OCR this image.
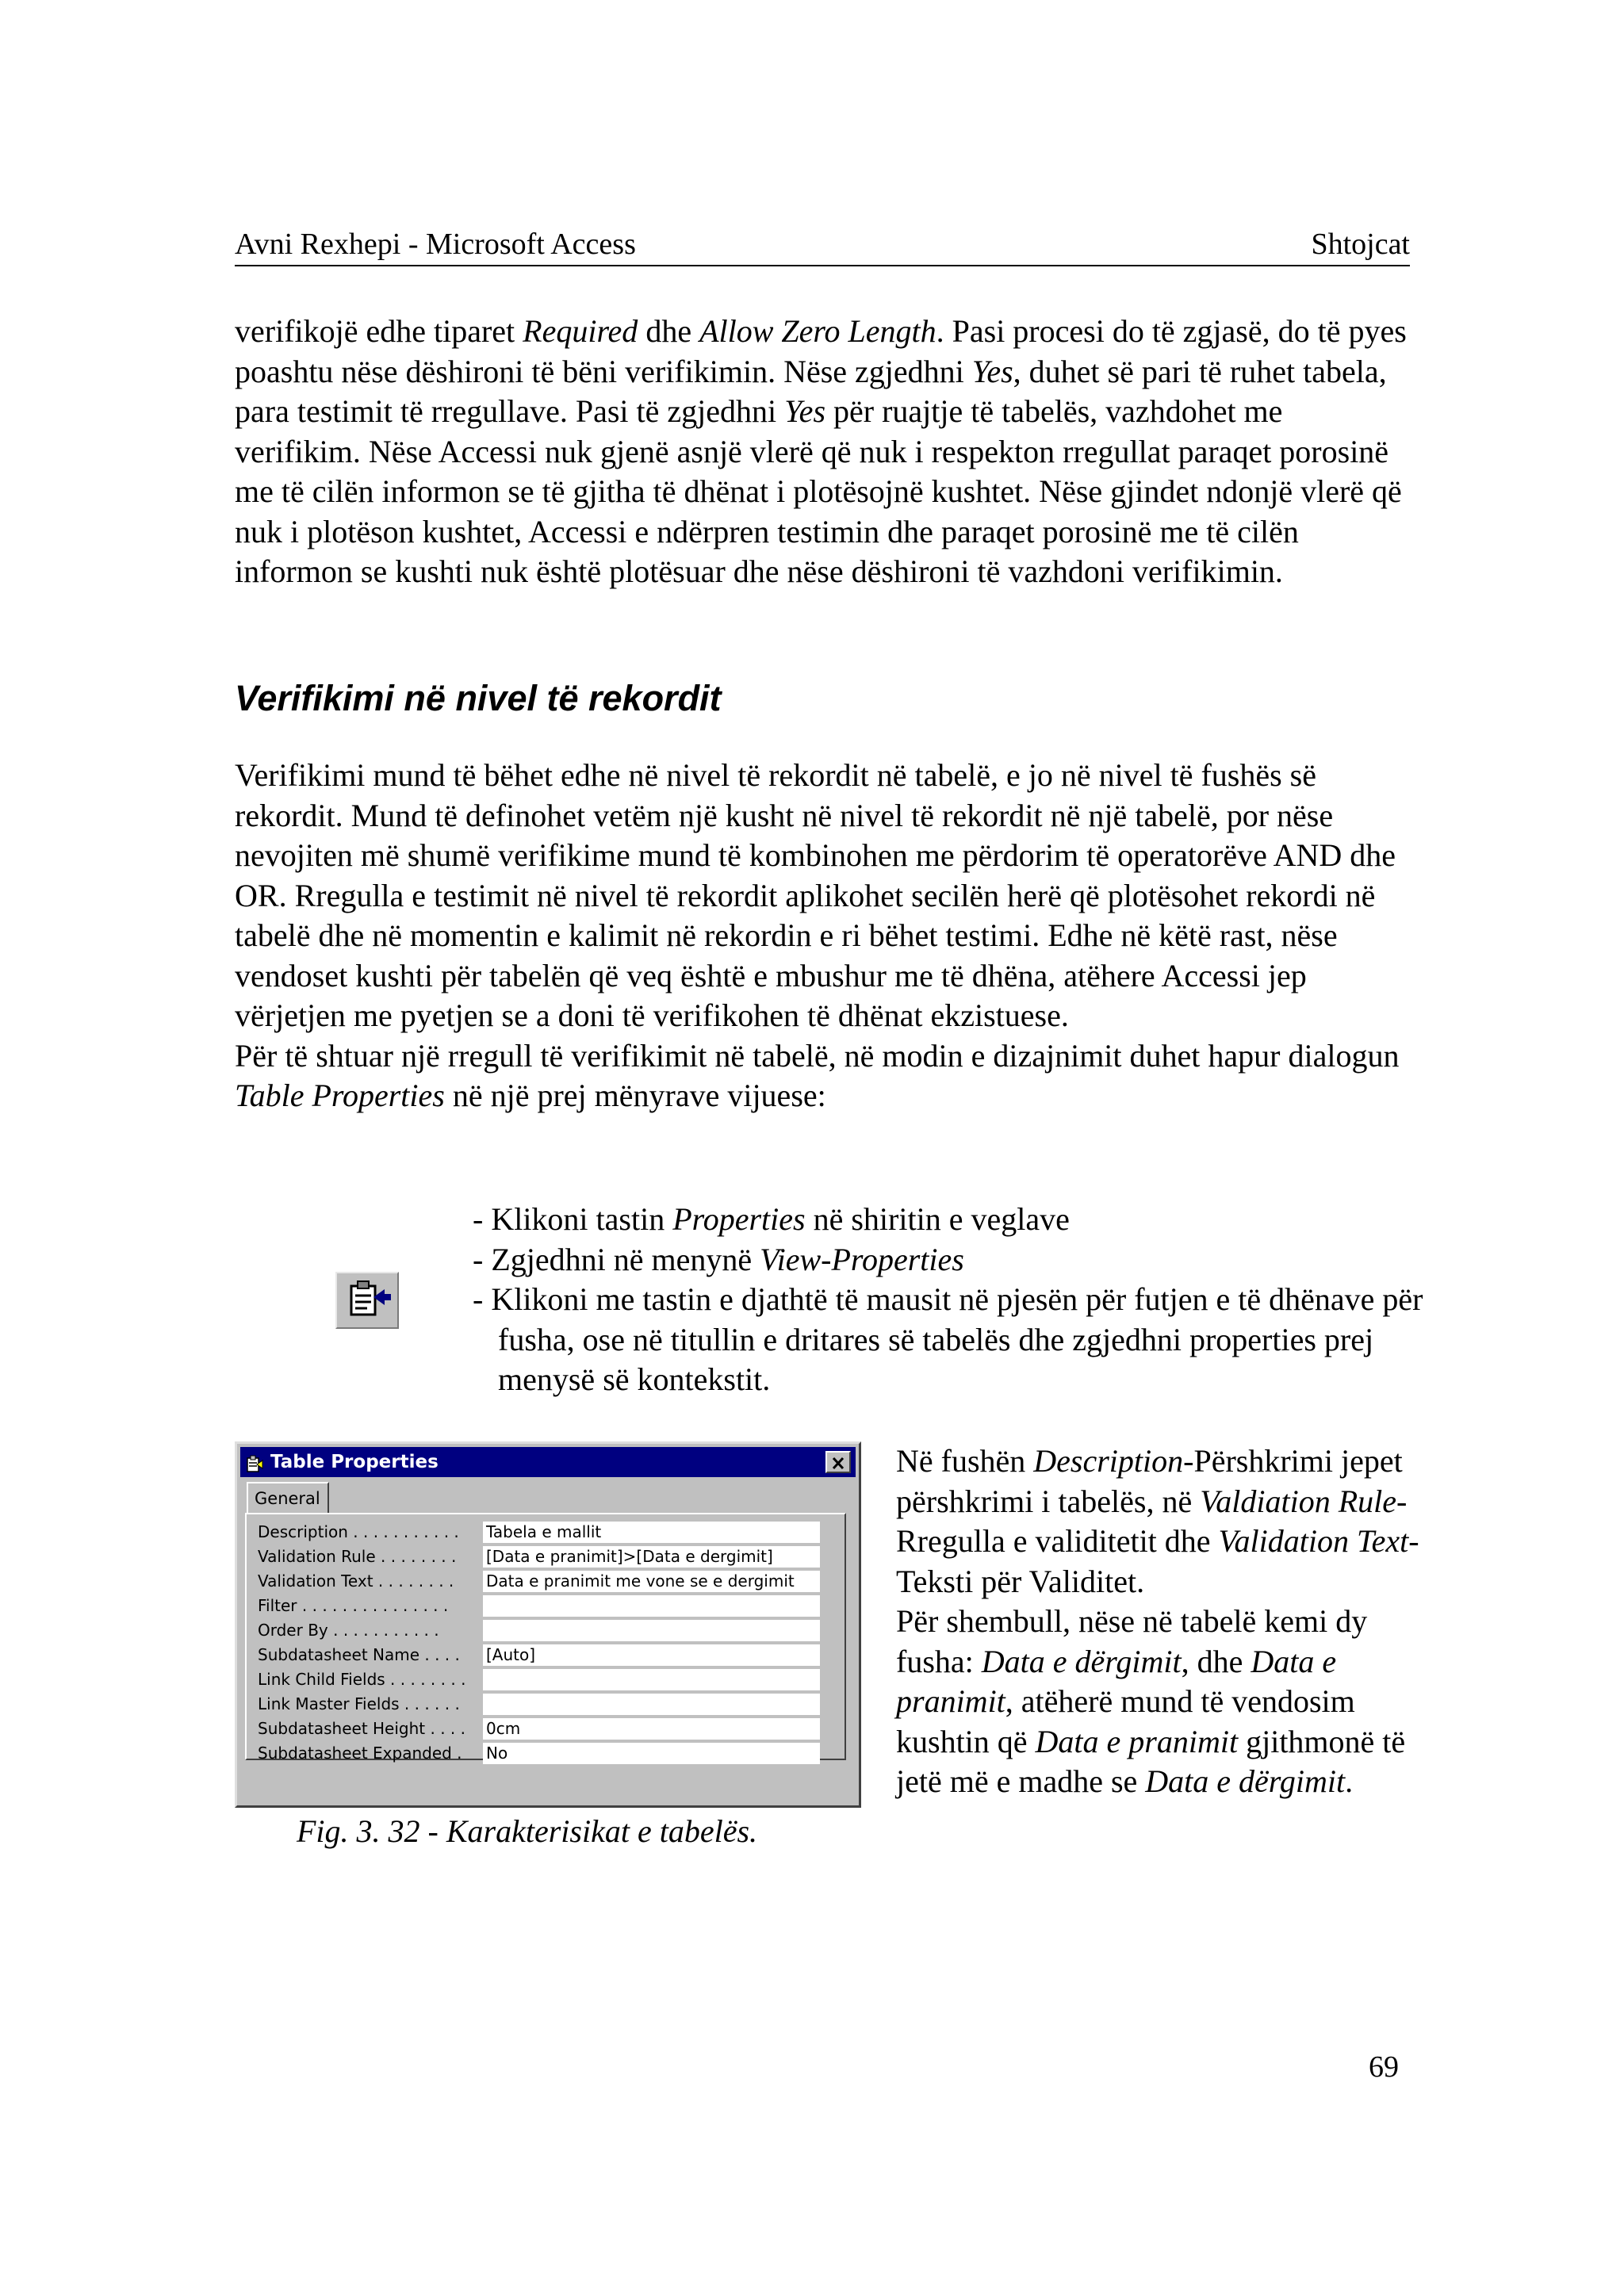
Avni Rexhepi - Microsoft Access	Shtojcat

verifikojë edhe tiparet Required dhe Allow Zero Length. Pasi procesi do të zgjasë, do të pyes poashtu nëse dëshironi të bëni verifikimin. Nëse zgjedhni Yes, duhet së pari të ruhet tabela, para testimit të rregullave. Pasi të zgjedhni Yes për ruajtje të tabelës, vazhdohet me verifikim. Nëse Accessi nuk gjenë asnjë vlerë që nuk i respekton rregullat paraqet porosinë me të cilën informon se të gjitha të dhënat i plotësojnë kushtet. Nëse gjindet ndonjë vlerë që nuk i plotëson kushtet, Accessi e ndërpren testimin dhe paraqet porosinë me të cilën informon se kushti nuk është plotësuar dhe nëse dëshironi të vazhdoni verifikimin.

Verifikimi në nivel të rekordit

Verifikimi mund të bëhet edhe në nivel të rekordit në tabelë, e jo në nivel të fushës së rekordit. Mund të definohet vetëm një kusht në nivel të rekordit në një tabelë, por nëse nevojiten më shumë verifikime mund të kombinohen me përdorim të operatorëve AND dhe OR. Rregulla e testimit në nivel të rekordit aplikohet secilën herë që plotësohet rekordi në tabelë dhe në momentin e kalimit në rekordin e ri bëhet testimi. Edhe në këtë rast, nëse vendoset kushti për tabelën që veq është e mbushur me të dhëna, atëhere Accessi jep vërjetjen me pyetjen se a doni të verifikohen të dhënat ekzistuese.
Për të shtuar një rregull të verifikimit në tabelë, në modin e dizajnimit duhet hapur dialogun Table Properties në një prej mënyrave vijuese:

- Klikoni tastin Properties në shiritin e veglave
- Zgjedhni në menynë View-Properties
- Klikoni me tastin e djathtë të mausit në pjesën për futjen e të dhënave për fusha, ose në titullin e dritares së tabelës dhe zgjedhni properties prej menysë së kontekstit.
Table Properties
General
Description . . . . . . . . . . . Tabela e mallit
Validation Rule . . . . . . . . [Data e pranimit]>[Data e dergimit]
Validation Text . . . . . . . . Data e pranimit me vone se e dergimit
Filter . . . . . . . . . . . . . . .
Order By . . . . . . . . . . .
Subdatasheet Name . . . . [Auto]
Link Child Fields . . . . . . . .
Link Master Fields . . . . . .
Subdatasheet Height . . . . 0cm
Subdatasheet Expanded . No

Fig. 3. 32 - Karakterisikat e tabelës.

Në fushën Description-Përshkrimi jepet përshkrimi i tabelës, në Valdiation Rule-Rregulla e validitetit dhe Validation Text-Teksti për Validitet.
Për shembull, nëse në tabelë kemi dy fusha: Data e dërgimit, dhe Data e pranimit, atëherë mund të vendosim kushtin që Data e pranimit gjithmonë të jetë më e madhe se Data e dërgimit.

69
